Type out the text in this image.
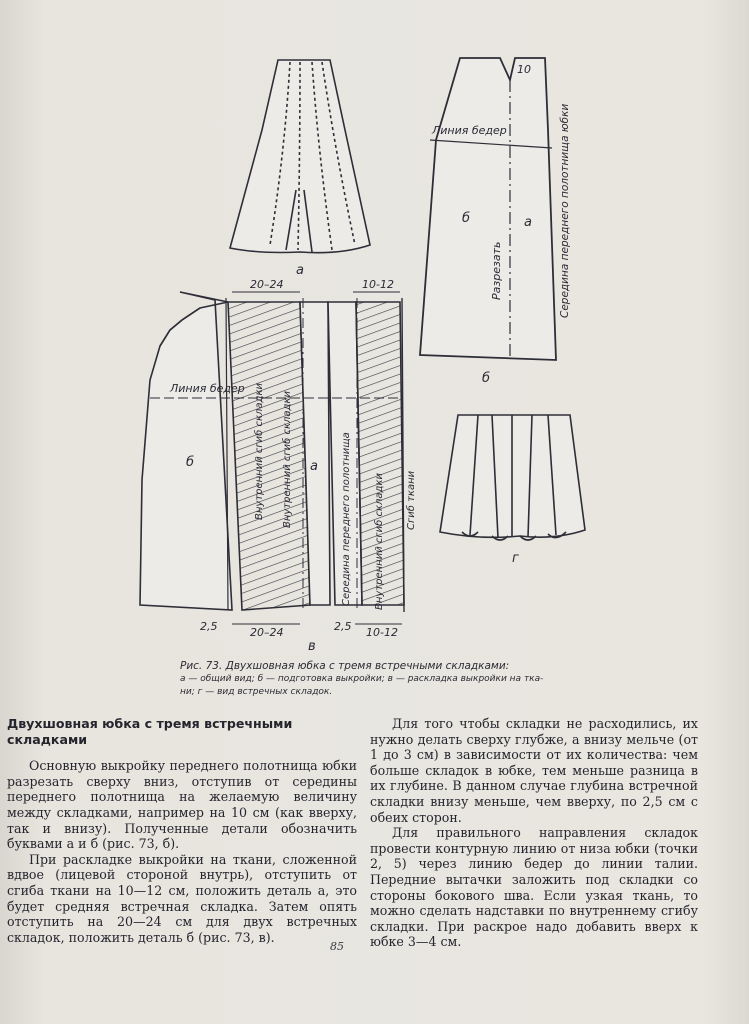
а
10
Линия бедер
б	а
Разрезать	Середина переднего полотнища юбки
б
20–24	10-12
Линия бедер
б	а
Внутренний сгиб складки Внутренний сгиб складки	Середина переднего полотнища Внутренний сгиб складки Сгиб ткани
2,5	20–24	2,5 10-12
в
г
Рис. 73. Двухшовная юбка с тремя встречными складками:
а — общий вид; б — подготовка выкройки; в — раскладка выкройки на тка-
ни; г — вид встречных складок.
Двухшовная юбка с тремя встречными складками

Основную выкройку переднего полотнища юбки разрезать сверху вниз, отступив от середины переднего полотнища на желаемую величину между складками, например на 10 см (как вверху, так и внизу). Полученные детали обозначить буквами а и б (рис. 73, б).

При раскладке выкройки на ткани, сложенной вдвое (лицевой стороной внутрь), отступить от сгиба ткани на 10—12 см, положить деталь а, это будет средняя встречная складка. Затем опять отступить на 20—24 см для двух встречных складок, положить деталь б (рис. 73, в).

Для того чтобы складки не расходились, их нужно делать сверху глубже, а внизу мельче (от 1 до 3 см) в зависимости от их количества: чем больше складок в юбке, тем меньше разница в их глубине. В данном случае глубина встречной складки внизу меньше, чем вверху, по 2,5 см с обеих сторон.

Для правильного направления складок провести контурную линию от низа юбки (точки 2, 5) через линию бедер до линии талии. Передние вытачки заложить под складки со стороны бокового шва. Если узкая ткань, то можно сделать надставки по внутреннему сгибу складки. При раскрое надо добавить вверх к юбке 3—4 см.

85
